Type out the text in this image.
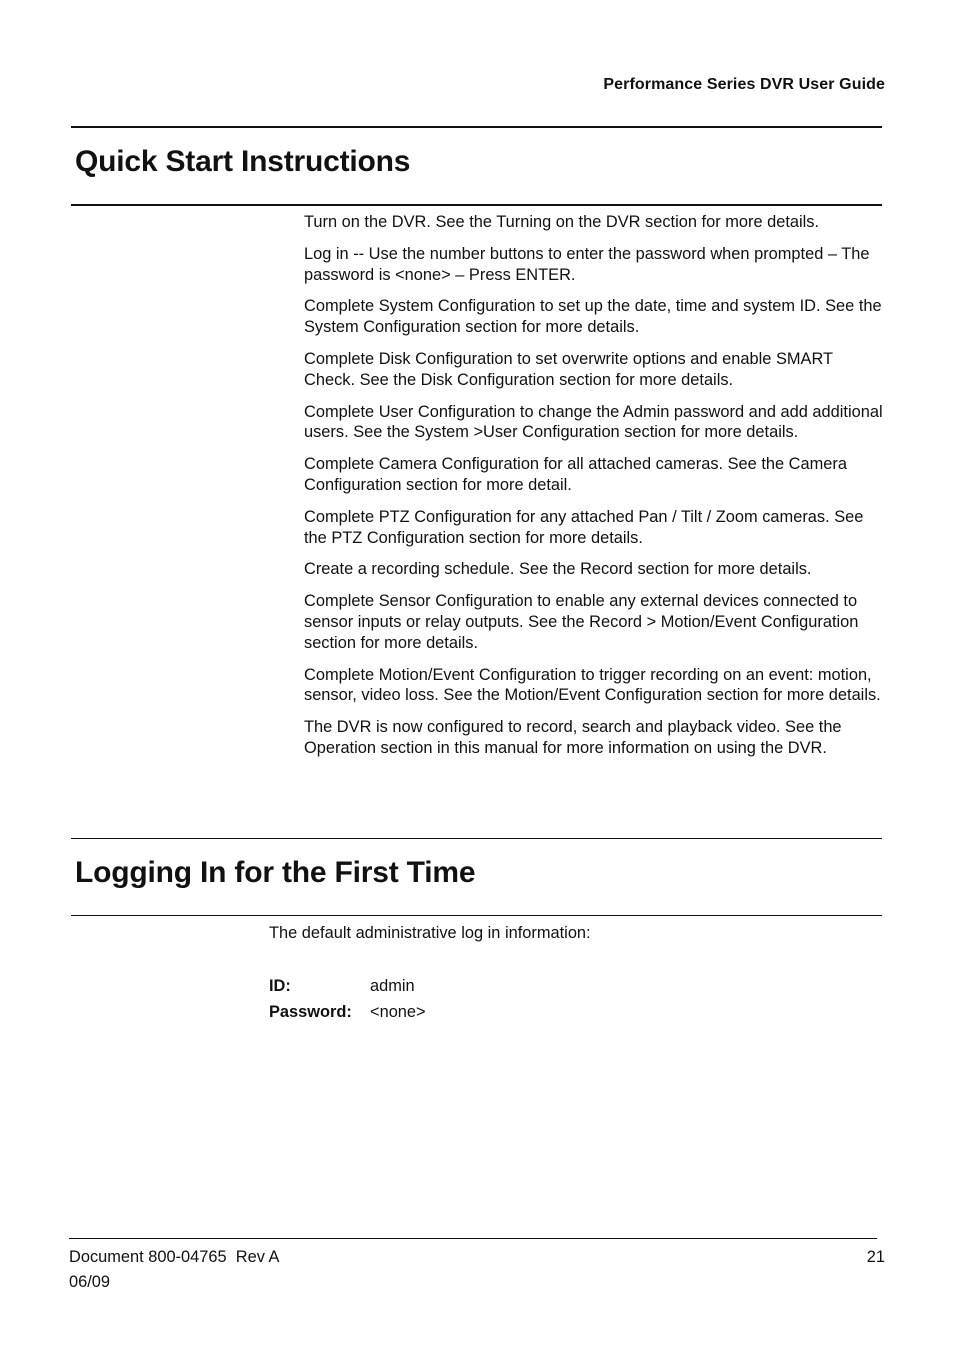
Performance Series DVR User Guide
Quick Start Instructions
Turn on the DVR. See the Turning on the DVR section for more details.
Log in -- Use the number buttons to enter the password when prompted – The password is <none> – Press ENTER.
Complete System Configuration to set up the date, time and system ID. See the System Configuration section for more details.
Complete Disk Configuration to set overwrite options and enable SMART Check. See the Disk Configuration section for more details.
Complete User Configuration to change the Admin password and add additional users. See the System >User Configuration section for more details.
Complete Camera Configuration for all attached cameras. See the Camera Configuration section for more detail.
Complete PTZ Configuration for any attached Pan / Tilt / Zoom cameras. See the PTZ Configuration section for more details.
Create a recording schedule. See the Record section for more details.
Complete Sensor Configuration to enable any external devices connected to sensor inputs or relay outputs. See the Record > Motion/Event Configuration section for more details.
Complete Motion/Event Configuration to trigger recording on an event: motion, sensor, video loss. See the Motion/Event Configuration section for more details.
The DVR is now configured to record, search and playback video. See the Operation section in this manual for more information on using the DVR.
Logging In for the First Time
The default administrative log in information:
ID:	admin
Password: <none>
Document 800-04765  Rev A
06/09
21
